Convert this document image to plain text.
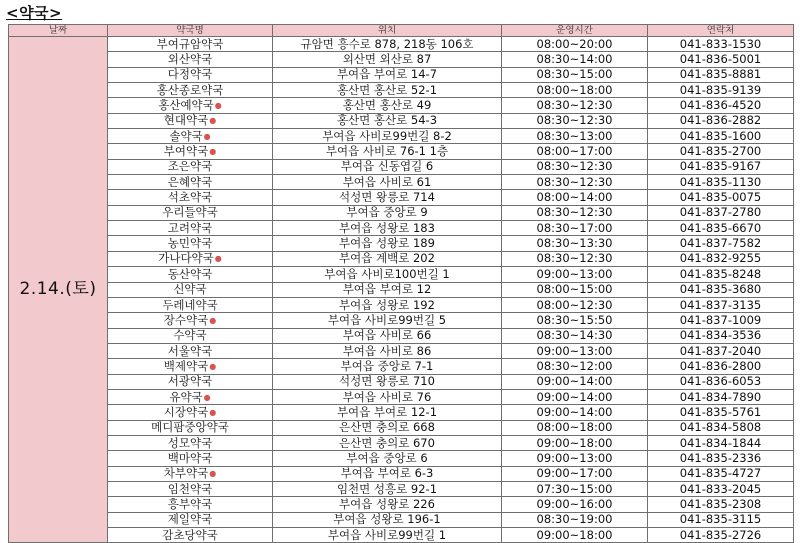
<약국>
날짜	약국명	위치	운영시간	연락처
2.14.(토)	부여규암약국	규암면 흥수로 878, 218동 106호	08:00~20:00	041-833-1530
	외산약국	외산면 외산로 87	08:30~14:00	041-836-5001
	다정약국	부여읍 부여로 14-7	08:30~15:00	041-835-8881
	홍산종로약국	홍산면 홍산로 52-1	08:00~18:00	041-835-9139
	홍산예약국●	홍산면 홍산로 49	08:30~12:30	041-836-4520
	현대약국●	홍산면 홍산로 54-3	08:30~12:30	041-836-2882
	솔약국●	부여읍 사비로99번길 8-2	08:30~13:00	041-835-1600
	부여약국●	부여읍 사비로 76-1 1층	08:00~17:00	041-835-2700
	조은약국	부여읍 신동엽길 6	08:30~12:30	041-835-9167
	은혜약국	부여읍 사비로 61	08:30~12:30	041-835-1130
	석초약국	석성면 왕릉로 714	08:00~14:00	041-835-0075
	우리들약국	부여읍 중앙로 9	08:30~12:30	041-837-2780
	고려약국	부여읍 성왕로 183	08:30~17:00	041-835-6670
	농민약국	부여읍 성왕로 189	08:30~13:30	041-837-7582
	가나다약국●	부여읍 계백로 202	08:30~12:30	041-832-9255
	동산약국	부여읍 사비로100번길 1	09:00~13:00	041-835-8248
	신약국	부여읍 부여로 12	08:00~15:00	041-835-3680
	두레네약국	부여읍 성왕로 192	08:00~12:30	041-837-3135
	장수약국●	부여읍 사비로99번길 5	08:30~15:50	041-837-1009
	수약국	부여읍 사비로 66	08:30~14:30	041-834-3536
	서울약국	부여읍 사비로 86	09:00~13:00	041-837-2040
	백제약국●	부여읍 중앙로 7-1	08:30~12:00	041-836-2800
	서광약국	석성면 왕릉로 710	09:00~14:00	041-836-6053
	유약국●	부여읍 사비로 76	09:00~14:00	041-834-7890
	시장약국●	부여읍 부여로 12-1	09:00~14:00	041-835-5761
	메디팜중앙약국	은산면 충의로 668	08:00~18:00	041-834-5808
	성모약국	은산면 충의로 670	09:00~18:00	041-834-1844
	백마약국	부여읍 중앙로 6	09:00~13:00	041-835-2336
	차부약국●	부여읍 부여로 6-3	09:00~17:00	041-835-4727
	임천약국	임천면 성흥로 92-1	07:30~15:00	041-833-2045
	흥부약국	부여읍 성왕로 226	09:00~16:00	041-835-2308
	제일약국	부여읍 성왕로 196-1	08:30~19:00	041-835-3115
	감초당약국	부여읍 사비로99번길 1	09:00~18:00	041-835-2726
